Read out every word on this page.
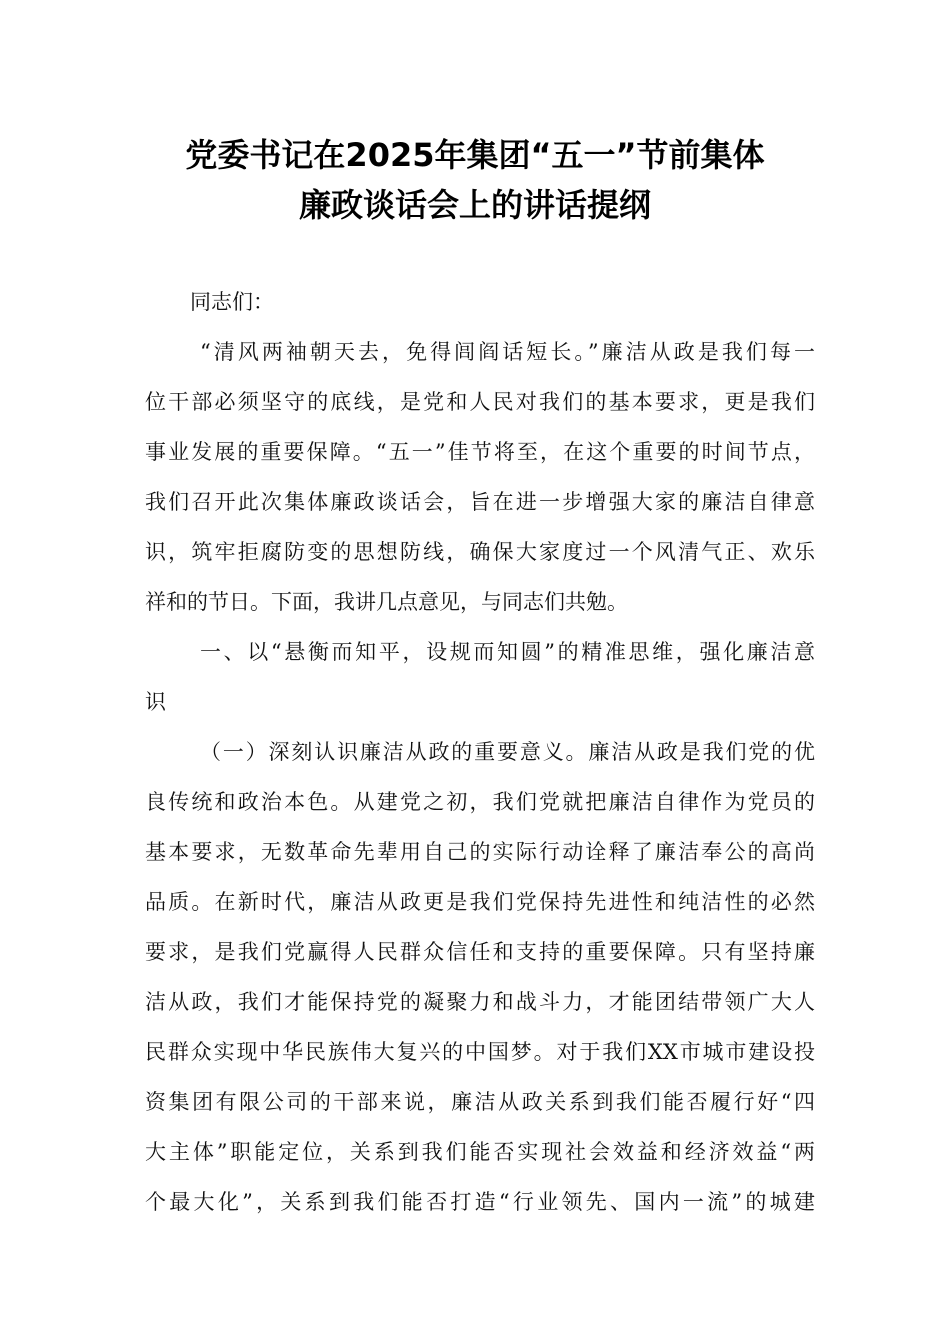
党委书记在2025年集团“五一”节前集体
廉政谈话会上的讲话提纲
同志们：
“清风两袖朝天去，免得闾阎话短长。”廉洁从政是我们每一
位干部必须坚守的底线，是党和人民对我们的基本要求，更是我们
事业发展的重要保障。“五一”佳节将至，在这个重要的时间节点，
我们召开此次集体廉政谈话会，旨在进一步增强大家的廉洁自律意
识，筑牢拒腐防变的思想防线，确保大家度过一个风清气正、欢乐
祥和的节日。下面，我讲几点意见，与同志们共勉。
一、以“悬衡而知平，设规而知圆”的精准思维，强化廉洁意
识
（一）深刻认识廉洁从政的重要意义。廉洁从政是我们党的优
良传统和政治本色。从建党之初，我们党就把廉洁自律作为党员的
基本要求，无数革命先辈用自己的实际行动诠释了廉洁奉公的高尚
品质。在新时代，廉洁从政更是我们党保持先进性和纯洁性的必然
要求，是我们党赢得人民群众信任和支持的重要保障。只有坚持廉
洁从政，我们才能保持党的凝聚力和战斗力，才能团结带领广大人
民群众实现中华民族伟大复兴的中国梦。对于我们XX市城市建设投
资集团有限公司的干部来说，廉洁从政关系到我们能否履行好“四
大主体”职能定位，关系到我们能否实现社会效益和经济效益“两
个最大化”，关系到我们能否打造“行业领先、国内一流”的城建
